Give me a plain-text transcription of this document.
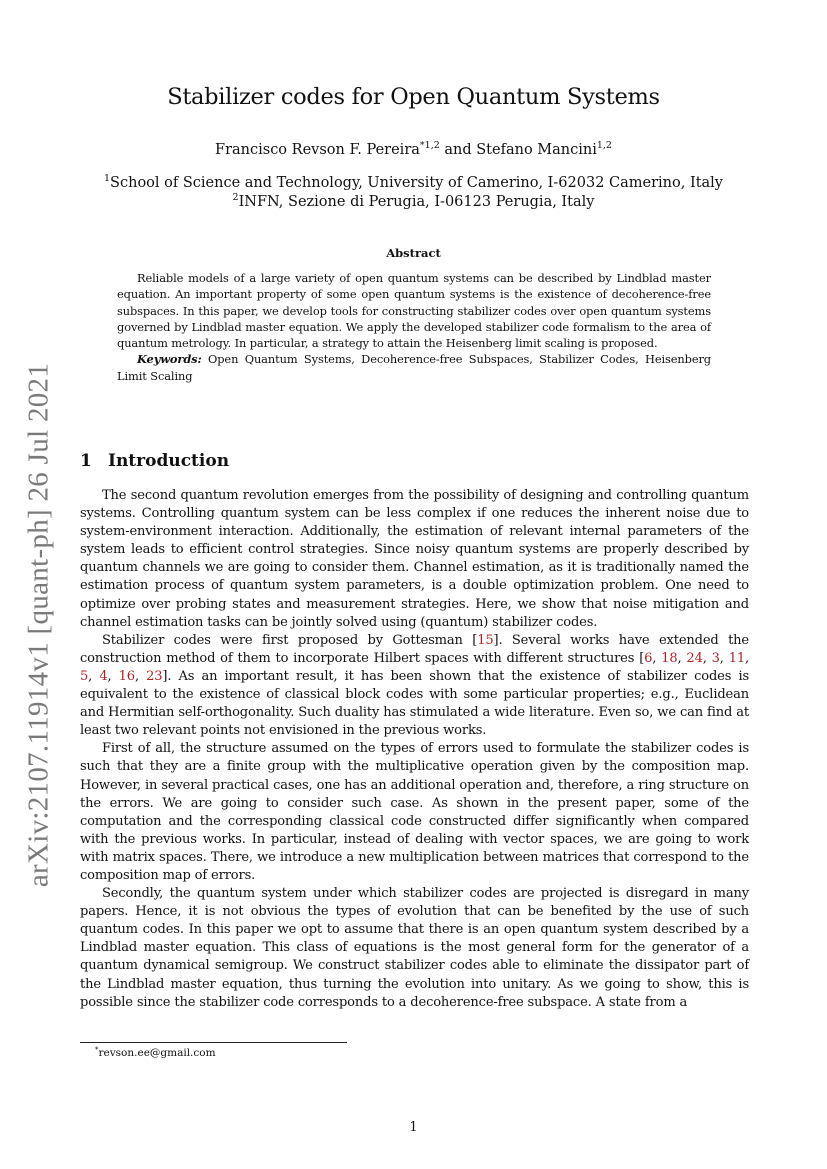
arXiv:2107.11914v1 [quant-ph] 26 Jul 2021
Stabilizer codes for Open Quantum Systems
Francisco Revson F. Pereira$^{*1,2}$ and Stefano Mancini$^{1,2}$
$^1$School of Science and Technology, University of Camerino, I-62032 Camerino, Italy
$^2$INFN, Sezione di Perugia, I-06123 Perugia, Italy
Abstract

Reliable models of a large variety of open quantum systems can be described by Lindblad master equation. An important property of some open quantum systems is the existence of decoherence-free subspaces. In this paper, we develop tools for constructing stabilizer codes over open quantum systems governed by Lindblad master equation. We apply the developed stabilizer code formalism to the area of quantum metrology. In particular, a strategy to attain the Heisenberg limit scaling is proposed.

Keywords: Open Quantum Systems, Decoherence-free Subspaces, Stabilizer Codes, Heisenberg Limit Scaling

1 Introduction

The second quantum revolution emerges from the possibility of designing and controlling quantum systems. Controlling quantum system can be less complex if one reduces the inherent noise due to system-environment interaction. Additionally, the estimation of relevant internal parameters of the system leads to efficient control strategies. Since noisy quantum systems are properly described by quantum channels we are going to consider them. Channel estimation, as it is traditionally named the estimation process of quantum system parameters, is a double optimization problem. One need to optimize over probing states and measurement strategies. Here, we show that noise mitigation and channel estimation tasks can be jointly solved using (quantum) stabilizer codes.

Stabilizer codes were first proposed by Gottesman [15]. Several works have extended the construction method of them to incorporate Hilbert spaces with different structures [6, 18, 24, 3, 11, 5, 4, 16, 23]. As an important result, it has been shown that the existence of stabilizer codes is equivalent to the existence of classical block codes with some particular properties; e.g., Euclidean and Hermitian self-orthogonality. Such duality has stimulated a wide literature. Even so, we can find at least two relevant points not envisioned in the previous works.

First of all, the structure assumed on the types of errors used to formulate the stabilizer codes is such that they are a finite group with the multiplicative operation given by the composition map. However, in several practical cases, one has an additional operation and, therefore, a ring structure on the errors. We are going to consider such case. As shown in the present paper, some of the computation and the corresponding classical code constructed differ significantly when compared with the previous works. In particular, instead of dealing with vector spaces, we are going to work with matrix spaces. There, we introduce a new multiplication between matrices that correspond to the composition map of errors.

Secondly, the quantum system under which stabilizer codes are projected is disregard in many papers. Hence, it is not obvious the types of evolution that can be benefited by the use of such quantum codes. In this paper we opt to assume that there is an open quantum system described by a Lindblad master equation. This class of equations is the most general form for the generator of a quantum dynamical semigroup. We construct stabilizer codes able to eliminate the dissipator part of the Lindblad master equation, thus turning the evolution into unitary. As we going to show, this is possible since the stabilizer code corresponds to a decoherence-free subspace. A state from a

*revson.ee@gmail.com
1
